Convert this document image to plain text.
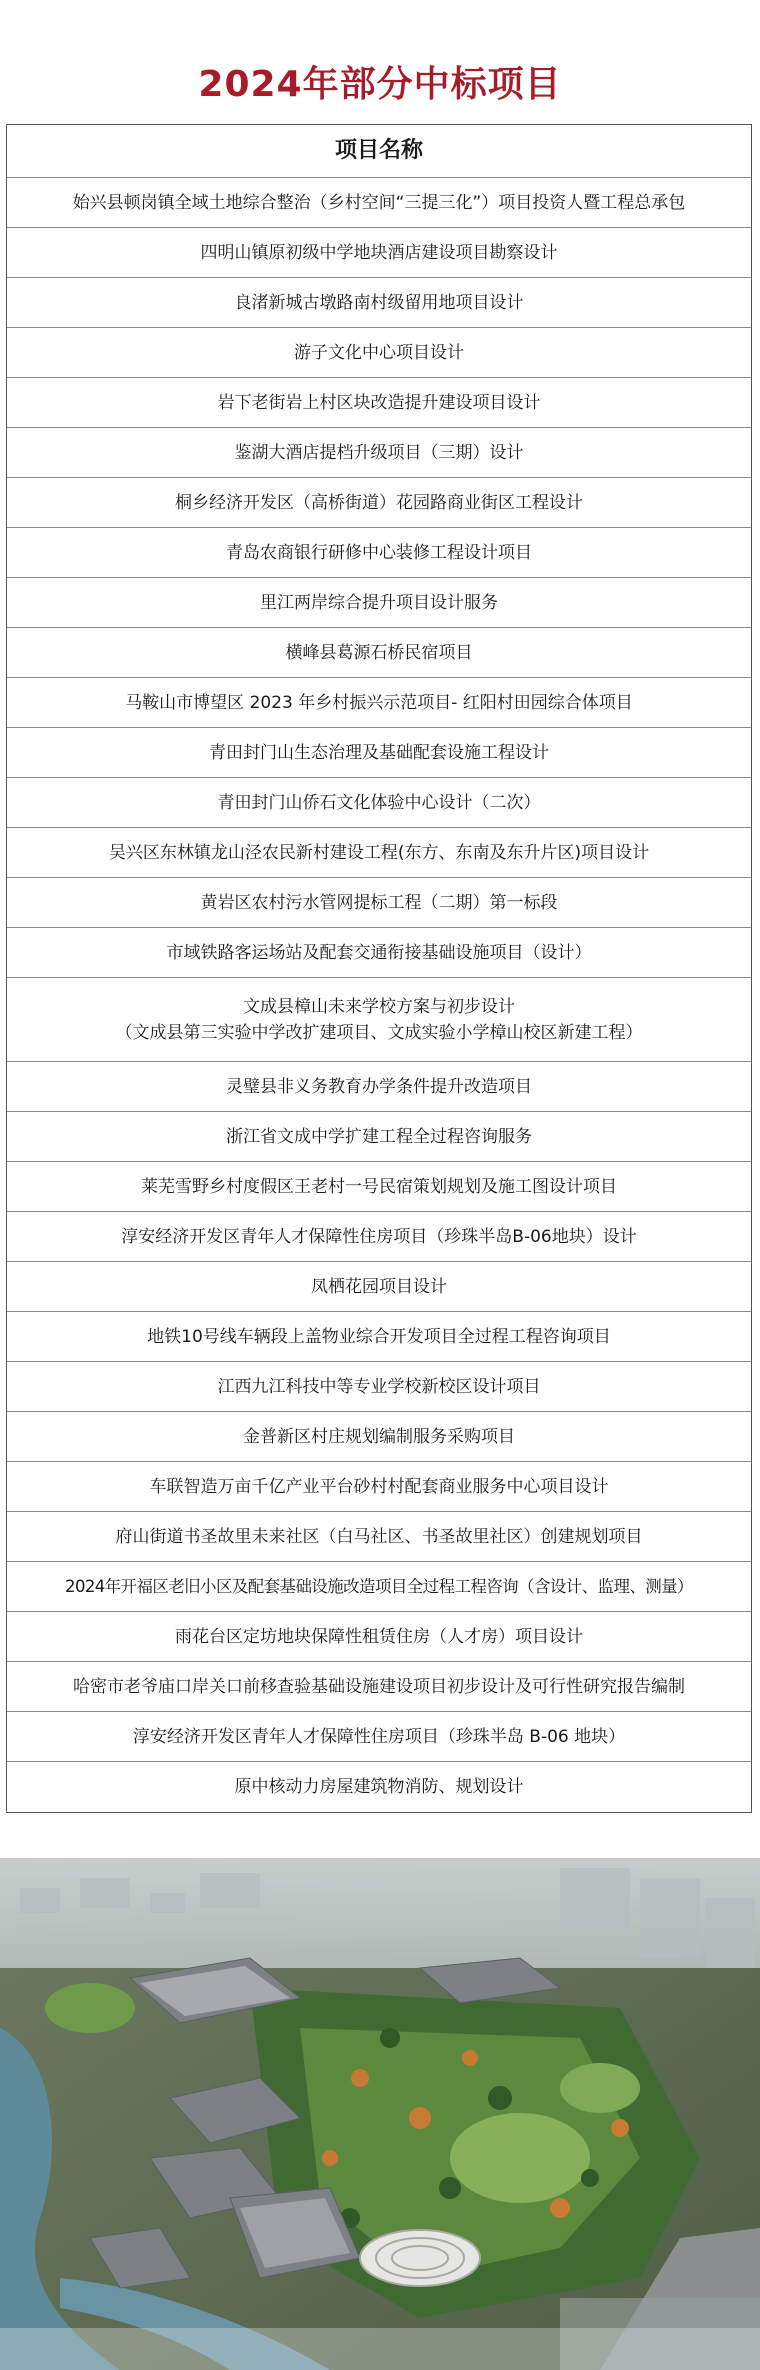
2024年部分中标项目
项目名称
始兴县顿岗镇全域土地综合整治（乡村空间“三提三化”）项目投资人暨工程总承包
四明山镇原初级中学地块酒店建设项目勘察设计
良渚新城古墩路南村级留用地项目设计
游子文化中心项目设计
岩下老街岩上村区块改造提升建设项目设计
鉴湖大酒店提档升级项目（三期）设计
桐乡经济开发区（高桥街道）花园路商业街区工程设计
青岛农商银行研修中心装修工程设计项目
里江两岸综合提升项目设计服务
横峰县葛源石桥民宿项目
马鞍山市博望区 2023 年乡村振兴示范项目- 红阳村田园综合体项目
青田封门山生态治理及基础配套设施工程设计
青田封门山侨石文化体验中心设计（二次）
吴兴区东林镇龙山泾农民新村建设工程(东方、东南及东升片区)项目设计
黄岩区农村污水管网提标工程（二期）第一标段
市域铁路客运场站及配套交通衔接基础设施项目（设计）
文成县樟山未来学校方案与初步设计
（文成县第三实验中学改扩建项目、文成实验小学樟山校区新建工程）
灵璧县非义务教育办学条件提升改造项目
浙江省文成中学扩建工程全过程咨询服务
莱芜雪野乡村度假区王老村一号民宿策划规划及施工图设计项目
淳安经济开发区青年人才保障性住房项目（珍珠半岛B-06地块）设计
凤栖花园项目设计
地铁10号线车辆段上盖物业综合开发项目全过程工程咨询项目
江西九江科技中等专业学校新校区设计项目
金普新区村庄规划编制服务采购项目
车联智造万亩千亿产业平台砂村村配套商业服务中心项目设计
府山街道书圣故里未来社区（白马社区、书圣故里社区）创建规划项目
2024年开福区老旧小区及配套基础设施改造项目全过程工程咨询（含设计、监理、测量）
雨花台区定坊地块保障性租赁住房（人才房）项目设计
哈密市老爷庙口岸关口前移查验基础设施建设项目初步设计及可行性研究报告编制
淳安经济开发区青年人才保障性住房项目（珍珠半岛 B-06 地块）
原中核动力房屋建筑物消防、规划设计
